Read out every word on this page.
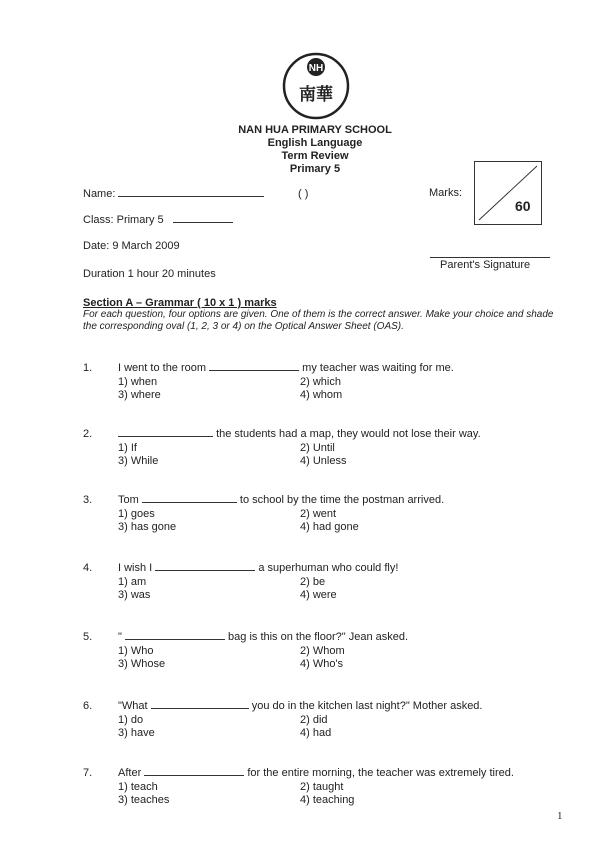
NH
南華
NAN HUA PRIMARY SCHOOL
English Language
Term Review
Primary 5
Name:	( )	Marks:
60
Class: Primary 5
Date: 9 March 2009
Parent's Signature
Duration 1 hour 20 minutes
Section A – Grammar ( 10 x 1 ) marks
For each question, four options are given. One of them is the correct answer. Make your choice and shade the corresponding oval (1, 2, 3 or 4) on the Optical Answer Sheet (OAS).
1. I went to the room	my teacher was waiting for me.
1) when	2) which
3) where	4) whom
2.	the students had a map, they would not lose their way.
1) If	2) Until
3) While	4) Unless
3. Tom	to school by the time the postman arrived.
1) goes	2) went
3) has gone	4) had gone
4. I wish I	a superhuman who could fly!
1) am	2) be
3) was	4) were
5. "	bag is this on the floor?" Jean asked.
1) Who	2) Whom
3) Whose	4) Who's
6. "What	you do in the kitchen last night?" Mother asked.
1) do	2) did
3) have	4) had
7. After	for the entire morning, the teacher was extremely tired.
1) teach	2) taught
3) teaches	4) teaching
1
